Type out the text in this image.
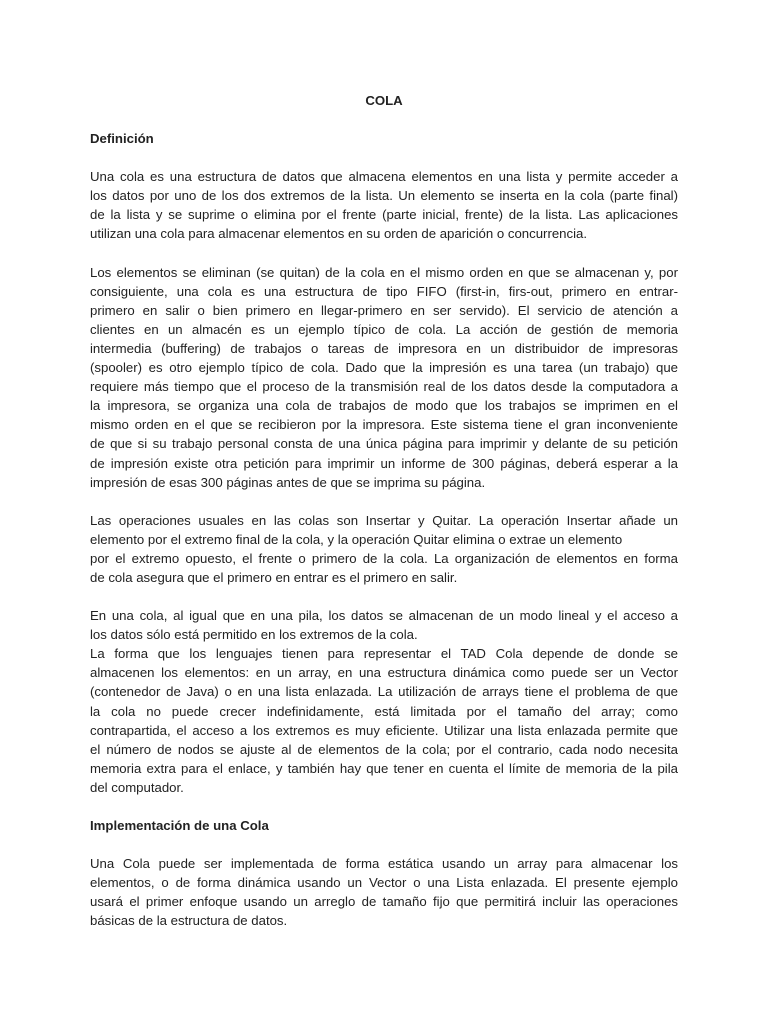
COLA
Definición
Una cola es una estructura de datos que almacena elementos en una lista y permite acceder a
los datos por uno de los dos extremos de la lista. Un elemento se inserta en la cola (parte final)
de la lista y se suprime o elimina por el frente (parte inicial, frente) de la lista. Las aplicaciones
utilizan una cola para almacenar elementos en su orden de aparición o concurrencia.
Los elementos se eliminan (se quitan) de la cola en el mismo orden en que se almacenan y, por
consiguiente, una cola es una estructura de tipo FIFO (first-in, firs-out, primero en entrar-
primero en salir o bien primero en llegar-primero en ser servido). El servicio de atención a
clientes en un almacén es un ejemplo típico de cola. La acción de gestión de memoria
intermedia (buffering) de trabajos o tareas de impresora en un distribuidor de impresoras
(spooler) es otro ejemplo típico de cola. Dado que la impresión es una tarea (un trabajo) que
requiere más tiempo que el proceso de la transmisión real de los datos desde la computadora a
la impresora, se organiza una cola de trabajos de modo que los trabajos se imprimen en el
mismo orden en el que se recibieron por la impresora. Este sistema tiene el gran inconveniente
de que si su trabajo personal consta de una única página para imprimir y delante de su petición
de impresión existe otra petición para imprimir un informe de 300 páginas, deberá esperar a la
impresión de esas 300 páginas antes de que se imprima su página.
Las operaciones usuales en las colas son Insertar y Quitar. La operación Insertar añade un
elemento por el extremo final de la cola, y la operación Quitar elimina o extrae un elemento
por el extremo opuesto, el frente o primero de la cola. La organización de elementos en forma
de cola asegura que el primero en entrar es el primero en salir.
En una cola, al igual que en una pila, los datos se almacenan de un modo lineal y el acceso a
los datos sólo está permitido en los extremos de la cola.
La forma que los lenguajes tienen para representar el TAD Cola depende de donde se
almacenen los elementos: en un array, en una estructura dinámica como puede ser un Vector
(contenedor de Java) o en una lista enlazada. La utilización de arrays tiene el problema de que
la cola no puede crecer indefinidamente, está limitada por el tamaño del array; como
contrapartida, el acceso a los extremos es muy eficiente. Utilizar una lista enlazada permite que
el número de nodos se ajuste al de elementos de la cola; por el contrario, cada nodo necesita
memoria extra para el enlace, y también hay que tener en cuenta el límite de memoria de la pila
del computador.
Implementación de una Cola
Una Cola puede ser implementada de forma estática usando un array para almacenar los
elementos, o de forma dinámica usando un Vector o una Lista enlazada. El presente ejemplo
usará el primer enfoque usando un arreglo de tamaño fijo que permitirá incluir las operaciones
básicas de la estructura de datos.
